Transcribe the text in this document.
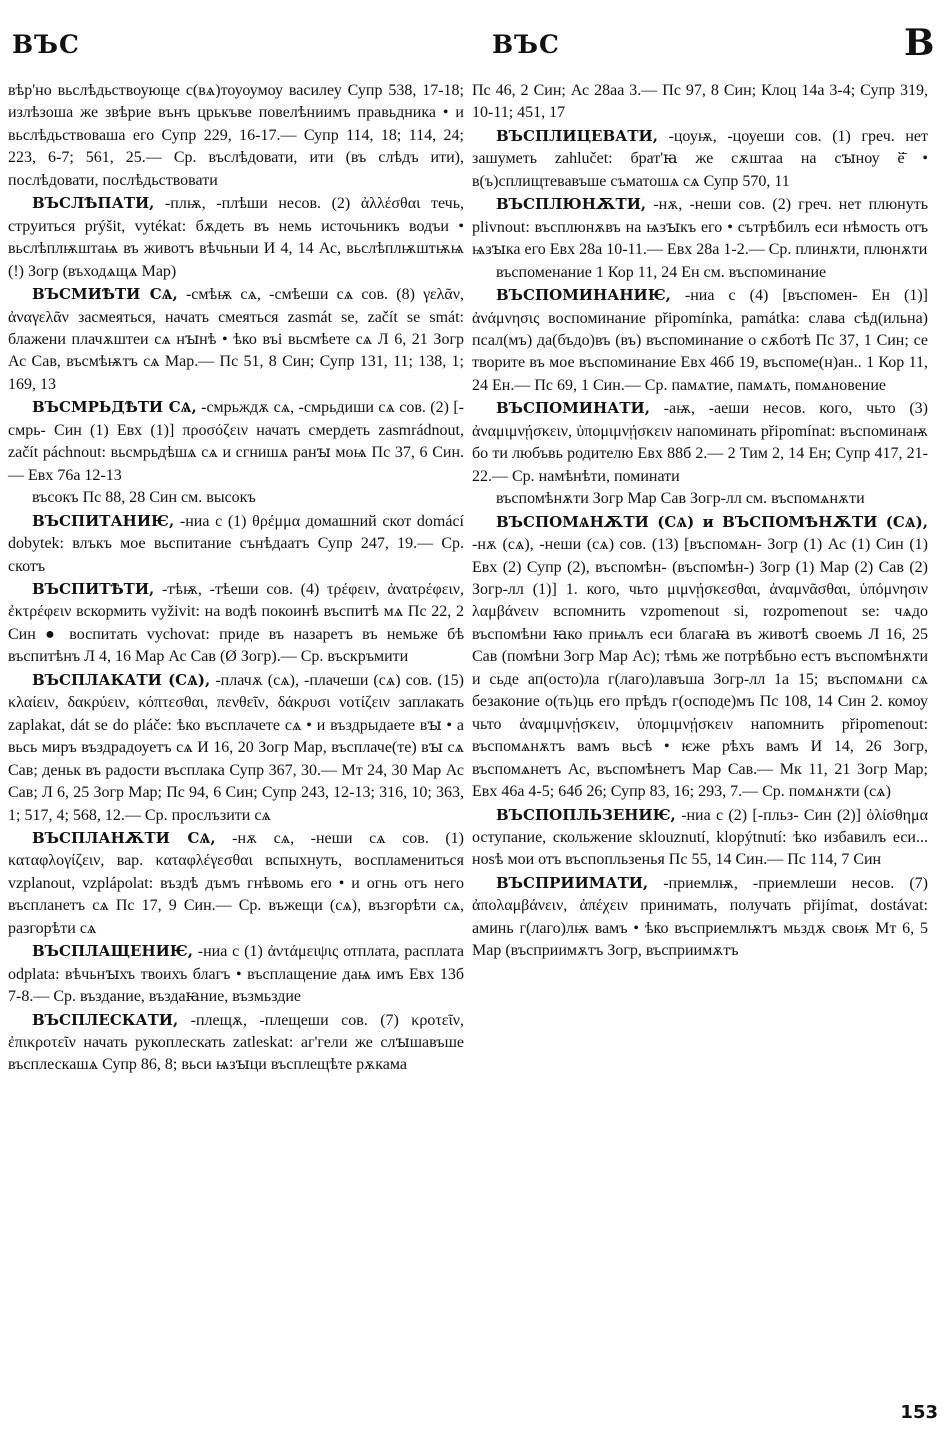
ВЪС	ВЪС	В

вѣр'но вьслѣдьствоующе с(вѧ)тоуоумоу василеу Супр 538, 17-18; излѣзоша же звѣрие вънъ црькъве повелѣниимъ правьдника • и вьслѣдьствоваша его Супр 229, 16-17.— Супр 114, 18; 114, 24; 223, 6-7; 561, 25.— Ср. въслѣдовати, ити (въ слѣдъ ити), послѣдовати, послѣдьствовати

ВЪСЛѢПАТИ, -плѭ, -плѣши несов. (2) ἀλλέσθαι течь, струиться prýšit, vytékat: бѫдеть въ немь источьникъ водъи • вьслѣплѭштаѩ въ животъ вѣчьныи И 4, 14 Ас, вьслѣплѭштѭѩ (!) Зогр (въходѧщѧ Мар)

ВЪСМИѢТИ СѦ, -смѣѭ сѧ, -смѣеши сѧ сов. (8) γελᾶν, ἀναγελᾶν засмеяться, начать смеяться zasmát se, začít se smát: блажени плачѫштеи сѧ нꙑнѣ • ѣко въі вьсмѣете сѧ Л 6, 21 Зогр Ас Сав, въсмѣѭтъ сѧ Мар.— Пс 51, 8 Син; Супр 131, 11; 138, 1; 169, 13

ВЪСМРЬДѢТИ СѦ, -смрьждѫ сѧ, -смрьдиши сѧ сов. (2) [-смрь- Син (1) Евх (1)] προσόζειν начать смердеть zasmrádnout, začít páchnout: вьсмрьдѣшѧ сѧ и сгнишѧ ранꙑ моѩ Пс 37, 6 Син.— Евх 76а 12-13

въсокъ Пс 88, 28 Син см. высокъ

ВЪСПИТАНИѤ, -ниа с (1) θρέμμα домашний скот domácí dobytek: влъкъ мое вьспитание сънѣдаатъ Супр 247, 19.— Ср. скотъ

ВЪСПИТѢТИ, -тѣѭ, -тѣеши сов. (4) τρέφειν, ἀνατρέφειν, ἐκτρέφειν вскормить vyživit: на водѣ покоинѣ въспитѣ мѧ Пс 22, 2 Син ● воспитать vychovat: приде въ назаретъ въ немьже бѣ въспитѣнъ Л 4, 16 Мар Ас Сав (Ø Зогр).— Ср. въскръмити

ВЪСПЛАКАТИ (СѦ), -плачѫ (сѧ), -плачеши (сѧ) сов. (15) κλαίειν, δακρύειν, κόπτεσθαι, πενθεῖν, δάκρυσι νοτίζειν заплакать zaplakat, dát se do pláče: ѣко въсплачете сѧ • и въздрыдаете вꙑ • а вьсь миръ въздрадоуетъ сѧ И 16, 20 Зогр Мар, въсплаче(те) вꙑ сѧ Сав; деньк въ радости въсплака Супр 367, 30.— Мт 24, 30 Мар Ас Сав; Л 6, 25 Зогр Мар; Пс 94, 6 Син; Супр 243, 12-13; 316, 10; 363, 1; 517, 4; 568, 12.— Ср. прослъзити сѧ

ВЪСПЛАНѪТИ СѦ, -нѫ сѧ, -неши сѧ сов. (1) καταφλογίζειν, вар. καταφλέγεσθαι вспыхнуть, воспламениться vzplanout, vzplápolat: въздѣ дъмъ гнѣвомь его • и огнь отъ него въспланетъ сѧ Пс 17, 9 Син.— Ср. въжещи (сѧ), възгорѣти сѧ, разгорѣти сѧ

ВЪСПЛАЩЕНИѤ, -ниа с (1) ἀντάμειψις отплата, расплата odplata: вѣчьнꙑхъ твоихъ благъ • въсплащение даѩ имъ Евх 13б 7-8.— Ср. въздание, въздаꙗние, възмьздие

ВЪСПЛЕСКАТИ, -плещѫ, -плещеши сов. (7) κροτεῖν, ἐπικροτεῖν начать рукоплескать zatleskat: аг'гели же слꙑшавъше въсплескашѧ Супр 86, 8; вьси ѩзꙑци въсплещѣте рѫкама

Пс 46, 2 Син; Ас 28аа 3.— Пс 97, 8 Син; Клоц 14а 3-4; Супр 319, 10-11; 451, 17

ВЪСПЛИЦЕВАТИ, -цоуѭ, -цоуеши сов. (1) греч. нет зашуметь zahlučet: брат'ꙗ же сѫштаа на сꙑноу ӗ̄ • в(ъ)сплищтевавъше съматошѧ сѧ Супр 570, 11

ВЪСПЛЮНѪТИ, -нѫ, -неши сов. (2) греч. нет плюнуть plivnout: въсплюнѫвъ на ѩзꙑкъ его • сътрѣбилъ еси нѣмость отъ ѩзꙑка его Евх 28а 10-11.— Евх 28а 1-2.— Ср. плинѫти, плюнѫти

въспоменание 1 Кор 11, 24 Ен см. въспоминание

ВЪСПОМИНАНИѤ, -ниа с (4) [въспомен- Ен (1)] ἀνάμνησις воспоминание připomínka, památka: слава сѣд(ильна) псал(мъ) да(бъдо)въ (въ) въспоминание о сѫботѣ Пс 37, 1 Син; се творите въ мое въспоминание Евх 46б 19, въспоме(н)ан.. 1 Кор 11, 24 Ен.— Пс 69, 1 Син.— Ср. памѧтие, памѧть, помѧновение

ВЪСПОМИНАТИ, -аѭ, -аеши несов. кого, чьто (3) ἀναμιμνῄσκειν, ὑπομιμνῄσκειν напоминать připomínat: въспоминаѭ бо ти любъвь родителю Евх 88б 2.— 2 Тим 2, 14 Ен; Супр 417, 21-22.— Ср. намѣнѣти, поминати

въспомѣнѫти Зогр Мар Сав Зогр-лл см. въспомѧнѫти

ВЪСПОМѦНѪТИ (СѦ) и ВЪСПОМѢНѪТИ (СѦ), -нѫ (сѧ), -неши (сѧ) сов. (13) [въспомѧн- Зогр (1) Ас (1) Син (1) Евх (2) Супр (2), въспомѣн- (въспомѣн-) Зогр (1) Мар (2) Сав (2) Зогр-лл (1)] 1. кого, чьто μιμνῄσκεσθαι, ἀναμνᾶσθαι, ὑπόμνησιν λαμβάνειν вспомнить vzpomenout si, rozpomenout se: чѧдо въспомѣни ꙗко приѩлъ еси благаꙗ въ животѣ своемь Л 16, 25 Сав (помѣни Зогр Мар Ас); тѣмь же потрѣбьно естъ въспомѣнѫти и сьде ап(осто)ла г(лаго)лавъша Зогр-лл 1а 15; въспомѧни сѧ безаконие о(ть)ць его прѣдъ г(осподе)мъ Пс 108, 14 Син 2. комоу чьто ἀναμιμνῄσκειν, ὑπομιμνῄσκειν напомнить připomenout: въспомѧнѫтъ вамъ вьсѣ • ѥже рѣхъ вамъ И 14, 26 Зогр, въспомѧнетъ Ас, въспомѣнетъ Мар Сав.— Мк 11, 21 Зогр Мар; Евх 46а 4-5; 64б 26; Супр 83, 16; 293, 7.— Ср. помѧнѫти (сѧ)

ВЪСПОПЛЬЗЕНИѤ, -ниа с (2) [-пльз- Син (2)] ὀλίσθημα оступание, скольжение sklouznutí, klopýtnutí: ѣко избавилъ еси... ноѕѣ мои отъ въспопльзенья Пс 55, 14 Син.— Пс 114, 7 Син

ВЪСПРИИМАТИ, -приемлѭ, -приемлеши несов. (7) ἀπολαμβάνειν, ἀπέχειν принимать, получать přijímat, dostávat: аминь г(лаго)лѭ вамъ • ѣко въсприемлѭтъ мьздѫ своѭ Мт 6, 5 Мар (въсприимѫтъ Зогр, въсприимѫтъ

153
